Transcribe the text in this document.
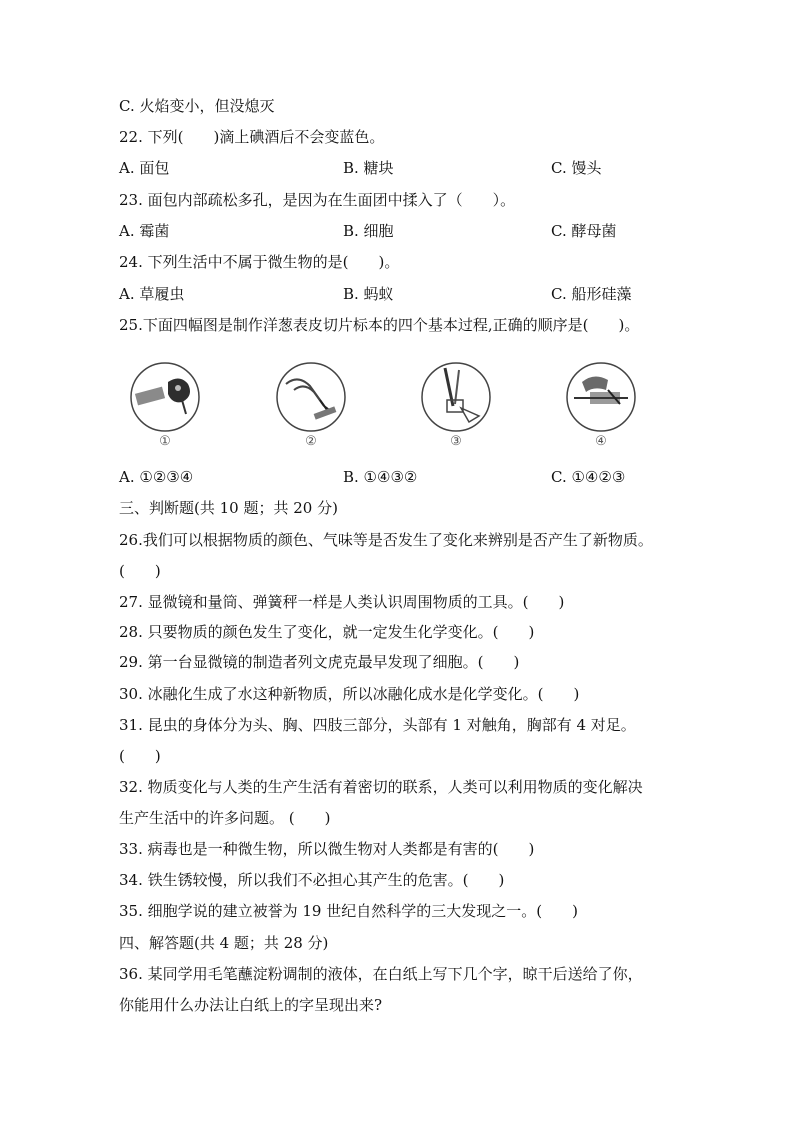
C. 火焰变小，但没熄灭
22. 下列(　　)滴上碘酒后不会变蓝色。
A. 面包	B. 糖块	C. 馒头
23. 面包内部疏松多孔，是因为在生面团中揉入了（　　）。
A. 霉菌	B. 细胞	C. 酵母菌
24. 下列生活中不属于微生物的是(　　)。
A. 草履虫	B. 蚂蚁	C. 船形硅藻
25.下面四幅图是制作洋葱表皮切片标本的四个基本过程,正确的顺序是(　　)。
①	②	③	④
A. ①②③④	B. ①④③②	C. ①④②③
三、判断题(共 10 题；共 20 分)
26.我们可以根据物质的颜色、气味等是否发生了变化来辨别是否产生了新物质。
(　　)
27. 显微镜和量筒、弹簧秤一样是人类认识周围物质的工具。(　　)
28. 只要物质的颜色发生了变化，就一定发生化学变化。(　　)
29. 第一台显微镜的制造者列文虎克最早发现了细胞。(　　)
30. 冰融化生成了水这种新物质，所以冰融化成水是化学变化。(　　)
31. 昆虫的身体分为头、胸、四肢三部分，头部有 1 对触角，胸部有 4 对足。
(　　)
32. 物质变化与人类的生产生活有着密切的联系，人类可以利用物质的变化解决
生产生活中的许多问题。 (　　)
33. 病毒也是一种微生物，所以微生物对人类都是有害的(　　)
34. 铁生锈较慢，所以我们不必担心其产生的危害。(　　)
35. 细胞学说的建立被誉为 19 世纪自然科学的三大发现之一。(　　)
四、解答题(共 4 题；共 28 分)
36. 某同学用毛笔蘸淀粉调制的液体，在白纸上写下几个字，晾干后送给了你，
你能用什么办法让白纸上的字呈现出来?
